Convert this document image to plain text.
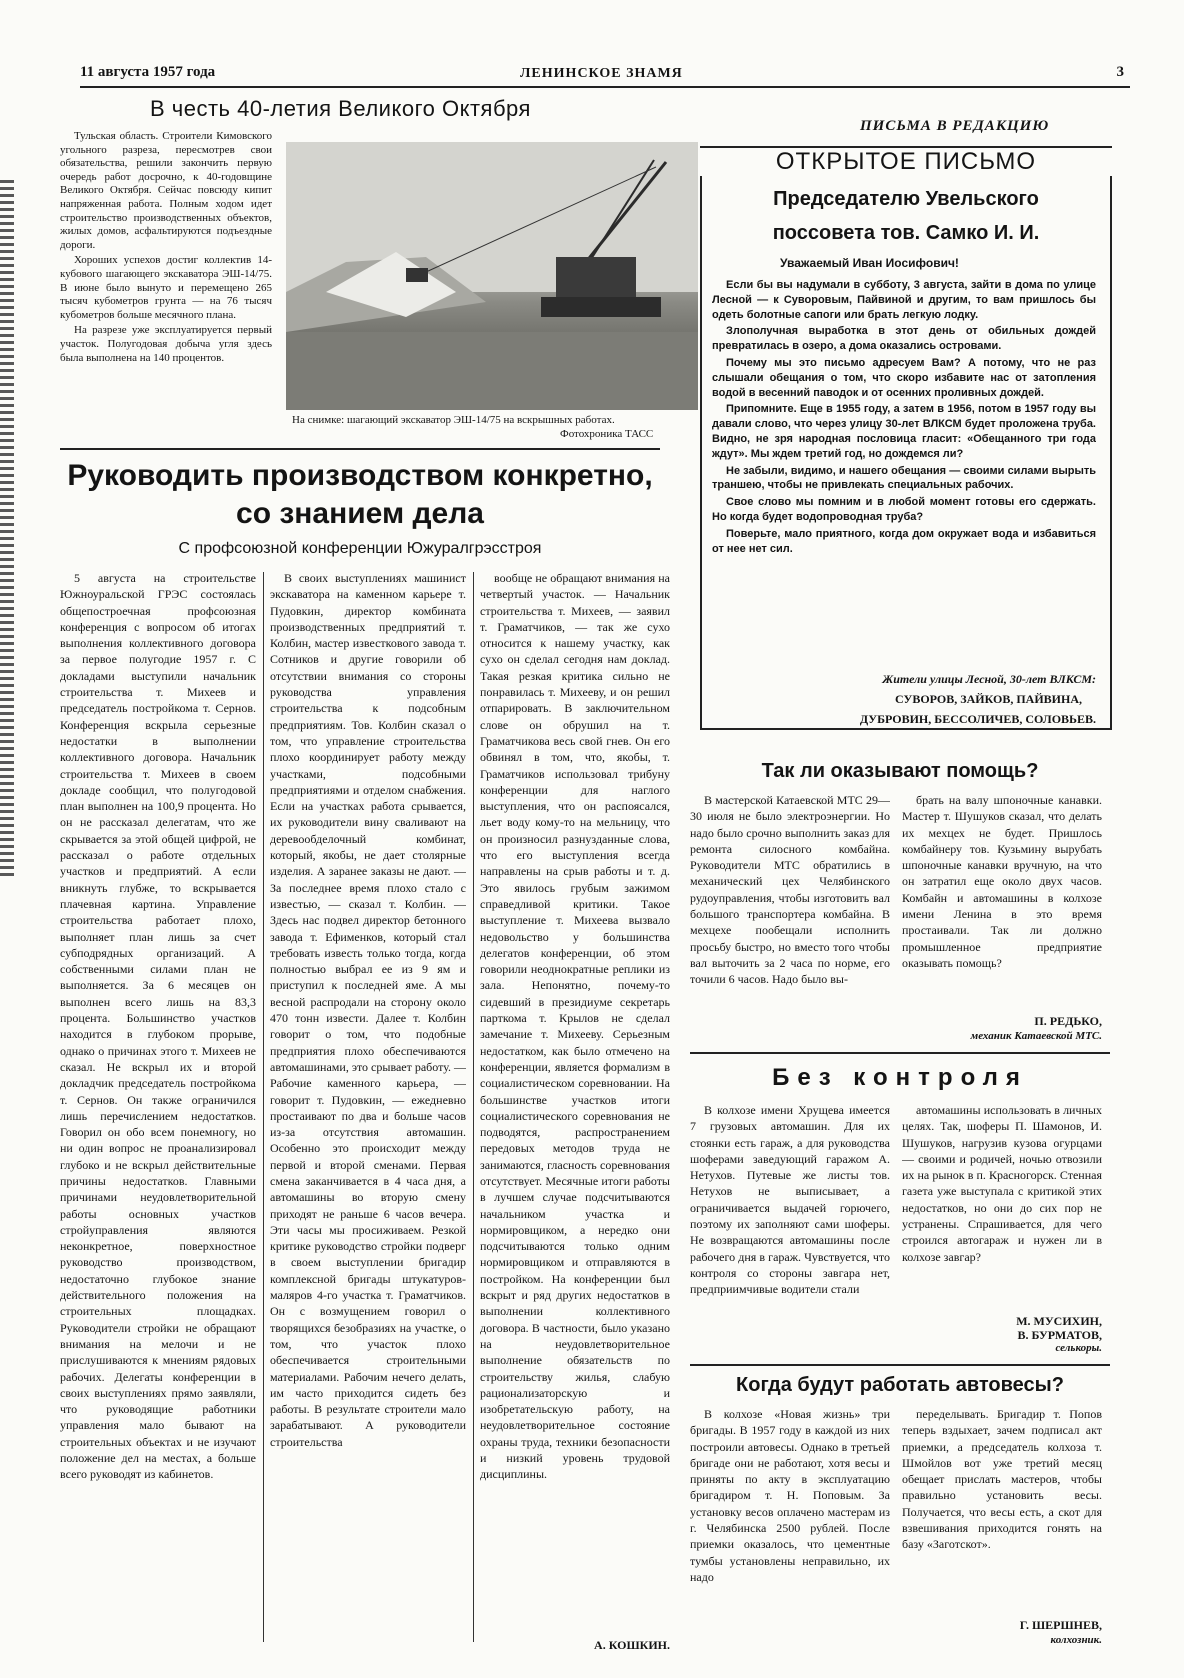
11 августа 1957 года	ЛЕНИНСКОЕ ЗНАМЯ	3
В честь 40-летия Великого Октября

Тульская область. Строители Кимовского угольного разреза, пересмотрев свои обязательства, решили закончить первую очередь работ досрочно, к 40-годовщине Великого Октября. Сейчас повсюду кипит напряженная работа. Полным ходом идет строительство производственных объектов, жилых домов, асфальтируются подъездные дороги.

Хороших успехов достиг коллектив 14-кубового шагающего экскаватора ЭШ-14/75. В июне было вынуто и перемещено 265 тысяч кубометров грунта — на 76 тысяч кубометров больше месячного плана.

На разрезе уже эксплуатируется первый участок. Полугодовая добыча угля здесь была выполнена на 140 процентов.

На снимке: шагающий экскаватор ЭШ-14/75 на вскрышных работах.
Фотохроника ТАСС
Руководить производством конкретно,
со знанием дела
С профсоюзной конференции Южуралгрэсстроя

5 августа на строительстве Южноуральской ГРЭС состоялась общепостроечная профсоюзная конференция с вопросом об итогах выполнения коллективного договора за первое полугодие 1957 г. С докладами выступили начальник строительства т. Михеев и председатель постройкома т. Сернов. Конференция вскрыла серьезные недостатки в выполнении коллективного договора. Начальник строительства т. Михеев в своем докладе сообщил, что полугодовой план выполнен на 100,9 процента. Но он не рассказал делегатам, что же скрывается за этой общей цифрой, не рассказал о работе отдельных участков и предприятий. А если вникнуть глубже, то вскрывается плачевная картина. Управление строительства работает плохо, выполняет план лишь за счет субподрядных организаций. А собственными силами план не выполняется. За 6 месяцев он выполнен всего лишь на 83,3 процента. Большинство участков находится в глубоком прорыве, однако о причинах этого т. Михеев не сказал. Не вскрыл их и второй докладчик председатель постройкома т. Сернов. Он также ограничился лишь перечислением недостатков. Говорил он обо всем понемногу, но ни один вопрос не проанализировал глубоко и не вскрыл действительные причины недостатков. Главными причинами неудовлетворительной работы основных участков стройуправления являются неконкретное, поверхностное руководство производством, недостаточно глубокое знание действительного положения на строительных площадках. Руководители стройки не обращают внимания на мелочи и не прислушиваются к мнениям рядовых рабочих. Делегаты конференции в своих выступлениях прямо заявляли, что руководящие работники управления мало бывают на строительных объектах и не изучают положение дел на местах, а больше всего руководят из кабинетов.

В своих выступлениях машинист экскаватора на каменном карьере т. Пудовкин, директор комбината производственных предприятий т. Колбин, мастер известкового завода т. Сотников и другие говорили об отсутствии внимания со стороны руководства управления строительства к подсобным предприятиям. Тов. Колбин сказал о том, что управление строительства плохо координирует работу между участками, подсобными предприятиями и отделом снабжения. Если на участках работа срывается, их руководители вину сваливают на деревообделочный комбинат, который, якобы, не дает столярные изделия. А заранее заказы не дают. — За последнее время плохо стало с известью, — сказал т. Колбин. — Здесь нас подвел директор бетонного завода т. Ефименков, который стал требовать известь только тогда, когда полностью выбрал ее из 9 ям и приступил к последней яме. А мы весной распродали на сторону около 470 тонн извести. Далее т. Колбин говорит о том, что подобные предприятия плохо обеспечиваются автомашинами, это срывает работу. — Рабочие каменного карьера, — говорит т. Пудовкин, — ежедневно простаивают по два и больше часов из-за отсутствия автомашин. Особенно это происходит между первой и второй сменами. Первая смена заканчивается в 4 часа дня, а автомашины во вторую смену приходят не раньше 6 часов вечера. Эти часы мы просиживаем. Резкой критике руководство стройки подверг в своем выступлении бригадир комплексной бригады штукатуров-маляров 4-го участка т. Граматчиков. Он с возмущением говорил о творящихся безобразиях на участке, о том, что участок плохо обеспечивается строительными материалами. Рабочим нечего делать, им часто приходится сидеть без работы. В результате строители мало зарабатывают. А руководители строительства

вообще не обращают внимания на четвертый участок. — Начальник строительства т. Михеев, — заявил т. Граматчиков, — так же сухо относится к нашему участку, как сухо он сделал сегодня нам доклад. Такая резкая критика сильно не понравилась т. Михееву, и он решил отпарировать. В заключительном слове он обрушил на т. Граматчикова весь свой гнев. Он его обвинял в том, что, якобы, т. Граматчиков использовал трибуну конференции для наглого выступления, что он распоясался, льет воду кому-то на мельницу, что он произносил разнузданные слова, что его выступления всегда направлены на срыв работы и т. д. Это явилось грубым зажимом справедливой критики. Такое выступление т. Михеева вызвало недовольство у большинства делегатов конференции, об этом говорили неоднократные реплики из зала. Непонятно, почему-то сидевший в президиуме секретарь парткома т. Крылов не сделал замечание т. Михееву. Серьезным недостатком, как было отмечено на конференции, является формализм в социалистическом соревновании. На большинстве участков итоги социалистического соревнования не подводятся, распространением передовых методов труда не занимаются, гласность соревнования отсутствует. Месячные итоги работы в лучшем случае подсчитываются начальником участка и нормировщиком, а нередко они подсчитываются только одним нормировщиком и отправляются в постройком. На конференции был вскрыт и ряд других недостатков в выполнении коллективного договора. В частности, было указано на неудовлетворительное выполнение обязательств по строительству жилья, слабую рационализаторскую и изобретательскую работу, на неудовлетворительное состояние охраны труда, техники безопасности и низкий уровень трудовой дисциплины.

А. КОШКИН.
ПИСЬМА В РЕДАКЦИЮ
ОТКРЫТОЕ ПИСЬМО
Председателю Увельского
поссовета тов. Самко И. И.
Уважаемый Иван Иосифович!

Если бы вы надумали в субботу, 3 августа, зайти в дома по улице Лесной — к Суворовым, Пайвиной и другим, то вам пришлось бы одеть болотные сапоги или брать легкую лодку.

Злополучная выработка в этот день от обильных дождей превратилась в озеро, а дома оказались островами.

Почему мы это письмо адресуем Вам? А потому, что не раз слышали обещания о том, что скоро избавите нас от затопления водой в весенний паводок и от осенних проливных дождей.

Припомните. Еще в 1955 году, а затем в 1956, потом в 1957 году вы давали слово, что через улицу 30-лет ВЛКСМ будет проложена труба. Видно, не зря народная пословица гласит: «Обещанного три года ждут». Мы ждем третий год, но дождемся ли?

Не забыли, видимо, и нашего обещания — своими силами вырыть траншею, чтобы не привлекать специальных рабочих.

Свое слово мы помним и в любой момент готовы его сдержать. Но когда будет водопроводная труба?

Поверьте, мало приятного, когда дом окружает вода и избавиться от нее нет сил.

Жители улицы Лесной, 30-лет ВЛКСМ:
СУВОРОВ, ЗАЙКОВ, ПАЙВИНА,
ДУБРОВИН, БЕССОЛИЧЕВ, СОЛОВЬЕВ.
Так ли оказывают помощь?

В мастерской Катаевской МТС 29—30 июля не было электроэнергии. Но надо было срочно выполнить заказ для ремонта силосного комбайна. Руководители МТС обратились в механический цех Челябинского рудоуправления, чтобы изготовить вал большого транспортера комбайна. В мехцехе пообещали исполнить просьбу быстро, но вместо того чтобы вал выточить за 2 часа по норме, его точили 6 часов. Надо было вы-

брать на валу шпоночные канавки. Мастер т. Шушуков сказал, что делать их мехцех не будет. Пришлось комбайнеру тов. Кузьмину вырубать шпоночные канавки вручную, на что он затратил еще около двух часов. Комбайн и автомашины в колхозе имени Ленина в это время простаивали. Так ли должно промышленное предприятие оказывать помощь?

П. РЕДЬКО,
механик Катаевской МТС.
Без контроля

В колхозе имени Хрущева имеется 7 грузовых автомашин. Для их стоянки есть гараж, а для руководства шоферами заведующий гаражом А. Нетухов. Путевые же листы тов. Нетухов не выписывает, а ограничивается выдачей горючего, поэтому их заполняют сами шоферы. Не возвращаются автомашины после рабочего дня в гараж. Чувствуется, что контроля со стороны завгара нет, предприимчивые водители стали

автомашины использовать в личных целях. Так, шоферы П. Шамонов, И. Шушуков, нагрузив кузова огурцами — своими и родичей, ночью отвозили их на рынок в п. Красногорск. Стенная газета уже выступала с критикой этих недостатков, но они до сих пор не устранены. Спрашивается, для чего строился автогараж и нужен ли в колхозе завгар?

М. МУСИХИН,
В. БУРМАТОВ,
селькоры.
Когда будут работать автовесы?

В колхозе «Новая жизнь» три бригады. В 1957 году в каждой из них построили автовесы. Однако в третьей бригаде они не работают, хотя весы и приняты по акту в эксплуатацию бригадиром т. Н. Поповым. За установку весов оплачено мастерам из г. Челябинска 2500 рублей. После приемки оказалось, что цементные тумбы установлены неправильно, их надо

переделывать. Бригадир т. Попов теперь вздыхает, зачем подписал акт приемки, а председатель колхоза т. Шмойлов вот уже третий месяц обещает прислать мастеров, чтобы правильно установить весы. Получается, что весы есть, а скот для взвешивания приходится гонять на базу «Заготскот».

Г. ШЕРШНЕВ,
колхозник.
